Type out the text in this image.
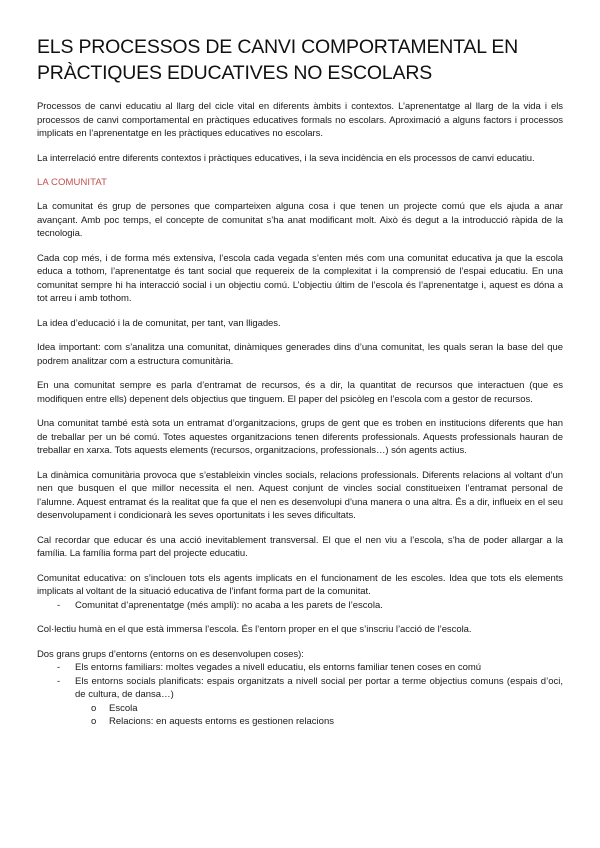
ELS PROCESSOS DE CANVI COMPORTAMENTAL EN PRÀCTIQUES EDUCATIVES NO ESCOLARS

Processos de canvi educatiu al llarg del cicle vital en diferents àmbits i contextos. L’aprenentatge al llarg de la vida i els processos de canvi comportamental en pràctiques educatives formals no escolars. Aproximació a alguns factors i processos implicats en l’aprenentatge en les pràctiques educatives no escolars.

La interrelació entre diferents contextos i pràctiques educatives, i la seva incidència en els processos de canvi educatiu.

LA COMUNITAT

La comunitat és grup de persones que comparteixen alguna cosa i que tenen un projecte comú que els ajuda a anar avançant. Amb poc temps, el concepte de comunitat s’ha anat modificant molt. Això és degut a la introducció ràpida de la tecnologia.

Cada cop més, i de forma més extensiva, l’escola cada vegada s’enten més com una comunitat educativa ja que la escola educa a tothom, l’aprenentatge és tant social que requereix de la complexitat i la comprensió de l’espai educatiu. En una comunitat sempre hi ha interacció social i un objectiu comú. L’objectiu últim de l’escola és l’aprenentatge i, aquest es dóna a tot arreu i amb tothom.

La idea d’educació i la de comunitat, per tant, van lligades.

Idea important: com s’analitza una comunitat, dinàmiques generades dins d’una comunitat, les quals seran la base del que podrem analitzar com a estructura comunitària.

En una comunitat sempre es parla d’entramat de recursos, és a dir, la quantitat de recursos que interactuen (que es modifiquen entre ells) depenent dels objectius que tinguem. El paper del psicòleg en l’escola com a gestor de recursos.

Una comunitat també està sota un entramat d’organitzacions, grups de gent que es troben en institucions diferents que han de treballar per un bé comú. Totes aquestes organitzacions tenen diferents professionals. Aquests professionals hauran de treballar en xarxa. Tots aquests elements (recursos, organitzacions, professionals…) són agents actius.

La dinàmica comunitària provoca que s’estableixin vincles socials, relacions professionals. Diferents relacions al voltant d’un nen que busquen el que millor necessita el nen. Aquest conjunt de vincles social constitueixen l’entramat personal de l’alumne. Aquest entramat és la realitat que fa que el nen es desenvolupi d’una manera o una altra. És a dir, influeix en el seu desenvolupament i condicionarà les seves oportunitats i les seves dificultats.

Cal recordar que educar és una acció inevitablement transversal. El que el nen viu a l’escola, s’ha de poder allargar a la família. La família forma part del projecte educatiu.

Comunitat educativa: on s’inclouen tots els agents implicats en el funcionament de les escoles. Idea que tots els elements implicats al voltant de la situació educativa de l’infant forma part de la comunitat.

- Comunitat d’aprenentatge (més ampli): no acaba a les parets de l’escola.

Col·lectiu humà en el que està immersa l’escola. És l’entorn proper en el que s’inscriu l’acció de l’escola.

Dos grans grups d’entorns (entorns on es desenvolupen coses):

- Els entorns familiars: moltes vegades a nivell educatiu, els entorns familiar tenen coses en comú
- Els entorns socials planificats: espais organitzats a nivell social per portar a terme objectius comuns (espais d’oci, de cultura, de dansa…)
o Escola
o Relacions: en aquests entorns es gestionen relacions
